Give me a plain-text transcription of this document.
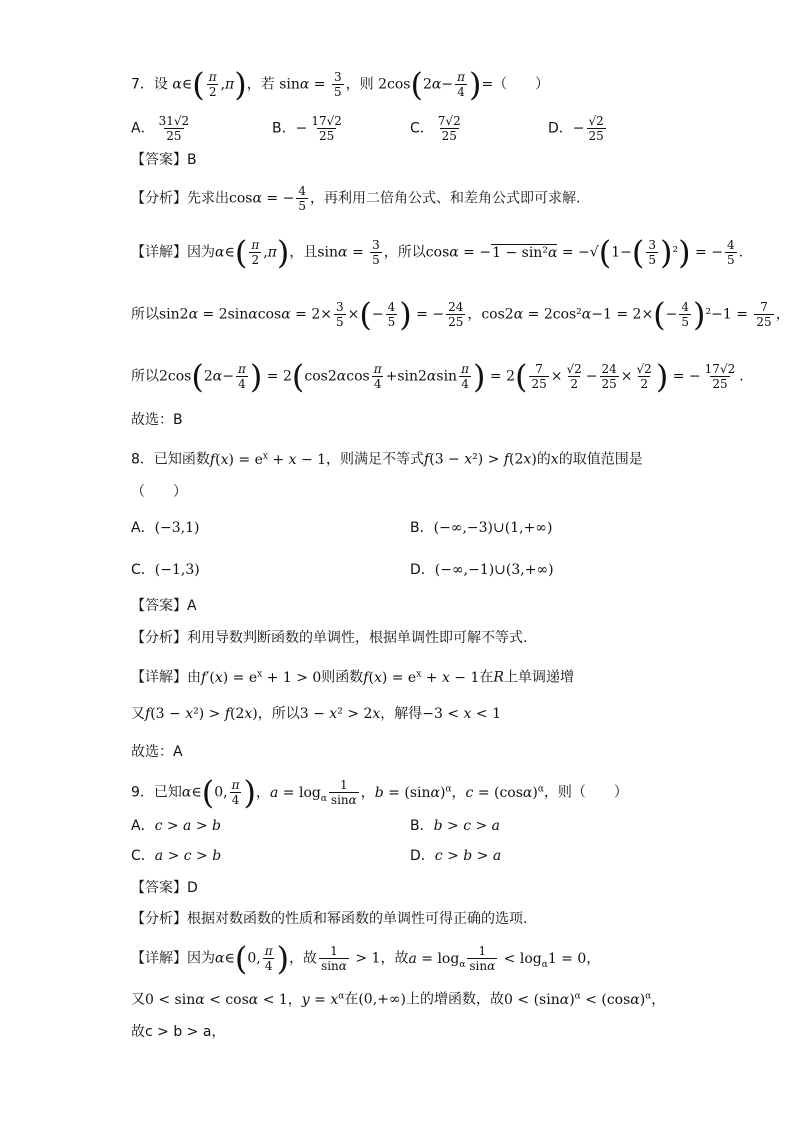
7．设 α∈( $\frac{\pi}{2} ,\pi$)，若 $\sin\alpha = \frac{3}{5}$ ，则 $2\cos(2\alpha- \frac{\pi}{4}$ )=（　　）
A． $\frac{31√2}{25}$	B．− $\frac{17√2}{25}$	C． $\frac{7√2}{25}$	D．− $\frac{√2}{25}$
【答案】B
【分析】先求出cosα = − $\frac{4}{5}$ ，再利用二倍角公式、和差角公式即可求解.
【详解】因为α∈( $\frac{\pi}{2} ,\pi$)，且$\sin\alpha = \frac{3}{5}$ ，所以$\cos\alpha = -1 - \sin^2\alpha = -√(1-( \frac{3}{5} )^2)$ = − $\frac{4}{5}$ .
所以$\sin 2\alpha = 2\sin\alpha\cos\alpha = 2\times \frac{3}{5}$ ×(− $\frac{4}{5}$ ) = − $\frac{24}{25}$ ，$\cos 2\alpha = 2\cos^2\alpha-1 = 2\times(- \frac{4}{5} )^2-1 = \frac{7}{25}$ ，
所以$2\cos(2\alpha- \frac{\pi}{4}$ ) = $2(\cos 2\alpha\cos \frac{\pi}{4} +\sin 2\alpha\sin \frac{\pi}{4}$ ) = $2( \frac{7}{25} \times \frac{√2}{2} - \frac{24}{25} \times \frac{√2}{2}$ ) = − $\frac{17√2}{25}$ .
故选：B
8．已知函数$f(x) = e^x + x - 1$，则满足不等式f(3 − x²) > f(2x)的x的取值范围是
（　　）
A．(−3,1)	B．(−∞,−3)∪(1,+∞)
C．(−1,3)	D．(−∞,−1)∪(3,+∞)
【答案】A
【分析】利用导数判断函数的单调性，根据单调性即可解不等式.
【详解】由$f'(x) = e^x + 1 > 0$则函数$f(x) = e^x + x - 1$在R上单调递增
又f(3 − x²) > f(2x)，所以3 − x² > 2x，解得−3 < x < 1
故选：A
9．已知α∈(0, $\frac{\pi}{4}$ )，$a = \log_\alpha \frac{1}{\sin\alpha}$ ，$b = (\sin\alpha)^\alpha$，$c = (\cos\alpha)^\alpha$，则（　　）
A．c > a > b	B．b > c > a
C．a > c > b	D．c > b > a
【答案】D
【分析】根据对数函数的性质和幂函数的单调性可得正确的选项.
【详解】因为α∈(0, $\frac{\pi}{4}$ )，故 $\frac{1}{\sin\alpha} > 1$，故$a = \log_\alpha \frac{1}{\sin\alpha} < \log_\alpha 1 = 0$，
又0 < sinα < cosα < 1，$y = x^\alpha$在(0,+∞)上的增函数，故$0 < (\sin\alpha)^\alpha < (\cos\alpha)^\alpha$，
故c > b > a，
